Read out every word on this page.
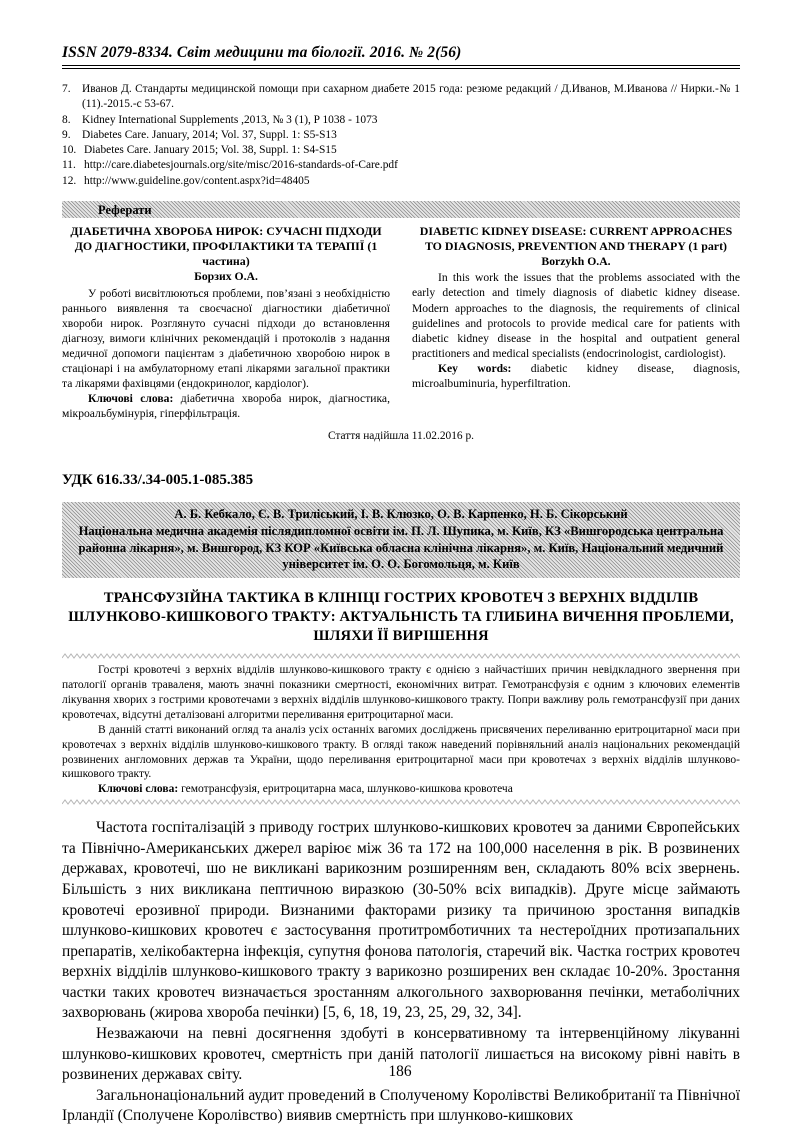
ISSN 2079-8334. Світ медицини та біології. 2016. № 2(56)
7.	Иванов Д. Стандарты медицинской помощи при сахарном диабете 2015 года: резюме редакций / Д.Иванов, М.Иванова // Нирки.-№ 1 (11).-2015.-с 53-67.
8.	Kidney International Supplements ,2013, № 3 (1), P 1038 - 1073
9.	Diabetes Care. January, 2014; Vol. 37, Suppl. 1: S5-S13
10. Diabetes Care. January 2015; Vol. 38, Suppl. 1: S4-S15
11. http://care.diabetesjournals.org/site/misc/2016-standards-of-Care.pdf
12. http://www.guideline.gov/content.aspx?id=48405
Реферати
ДІАБЕТИЧНА ХВОРОБА НИРОК: СУЧАСНІ ПІДХОДИ ДО ДІАГНОСТИКИ, ПРОФІЛАКТИКИ ТА ТЕРАПІЇ (1 частина)
Борзих О.А.

У роботі висвітлюються проблеми, пов’язані з необхідністю раннього виявлення та своєчасної діагностики діабетичної хвороби нирок. Розглянуто сучасні підходи до встановлення діагнозу, вимоги клінічних рекомендацій і протоколів з надання медичної допомоги пацієнтам з діабетичною хворобою нирок в стаціонарі і на амбулаторному етапі лікарями загальної практики та лікарями фахівцями (ендокринолог, кардіолог).

Ключові слова: діабетична хвороба нирок, діагностика, мікроальбумінурія, гіперфільтрація.

DIABETIC KIDNEY DISEASE: CURRENT APPROACHES TO DIAGNOSIS, PREVENTION AND THERAPY (1 part)
Borzykh O.A.

In this work the issues that the problems associated with the early detection and timely diagnosis of diabetic kidney disease. Modern approaches to the diagnosis, the requirements of clinical guidelines and protocols to provide medical care for patients with diabetic kidney disease in the hospital and outpatient general practitioners and medical specialists (endocrinologist, cardiologist).

Key words: diabetic kidney disease, diagnosis, microalbuminuria, hyperfiltration.

Стаття надійшла 11.02.2016 р.
УДК 616.33/.34-005.1-085.385
А. Б. Кебкало, Є. В. Триліський, І. В. Клюзко, О. В. Карпенко, Н. Б. Сікорський
Національна медична академія післядипломної освіти ім. П. Л. Шупика, м. Київ, КЗ «Вишгородська центральна районна лікарня», м. Вишгород, КЗ КОР «Київська обласна клінічна лікарня», м. Київ, Національний медичний університет ім. О. О. Богомольця, м. Київ
ТРАНСФУЗІЙНА ТАКТИКА В КЛІНІЦІ ГОСТРИХ КРОВОТЕЧ З ВЕРХНІХ ВІДДІЛІВ ШЛУНКОВО-КИШКОВОГО ТРАКТУ: АКТУАЛЬНІСТЬ ТА ГЛИБИНА ВИЧЕННЯ ПРОБЛЕМИ, ШЛЯХИ ЇЇ ВИРІШЕННЯ

Гострі кровотечі з верхніх відділів шлунково-кишкового тракту є однією з найчастіших причин невідкладного звернення при патології органів траваленя, мають значні показники смертності, економічних витрат. Гемотрансфузія є одним з ключових елементів лікування хворих з гострими кровотечами з верхніх відділів шлунково-кишкового тракту. Попри важливу роль гемотрансфузії при даних кровотечах, відсутні деталізовані алгоритми переливання еритроцитарної маси.

В данній статті виконаний огляд та аналіз усіх останніх вагомих досліджень присвячених переливанню еритроцитарної маси при кровотечах з верхніх відділів шлунково-кишкового тракту. В огляді також наведений порівняльний аналіз національних рекомендацій розвинених англомовних держав та України, щодо переливання еритроцитарної маси при кровотечах з верхніх відділів шлунково-кишкового тракту.

Ключові слова: гемотрансфузія, еритроцитарна маса, шлунково-кишкова кровотеча

Частота госпіталізацій з приводу гострих шлунково-кишкових кровотеч за даними Європейських та Північно-Американських джерел варіює між 36 та 172 на 100,000 населення в рік. В розвинених державах, кровотечі, шо не викликані варикозним розширенням вен, складають 80% всіх звернень. Більшість з них викликана пептичною виразкою (30-50% всіх випадків). Друге місце займають кровотечі ерозивної природи. Визнаними факторами ризику та причиною зростання випадків шлунково-кишкових кровотеч є застосування протитромботичних та нестероїдних протизапальних препаратів, хелікобактерна інфекція, супутня фонова патологія, старечий вік. Частка гострих кровотеч верхніх відділів шлунково-кишкового тракту з варикозно розширених вен складає 10-20%. Зростання частки таких кровотеч визначається зростанням алкогольного захворювання печінки, метаболічних захворювань (жирова хвороба печінки) [5, 6, 18, 19, 23, 25, 29, 32, 34].

Незважаючи на певні досягнення здобуті в консервативному та інтервенційному лікуванні шлунково-кишкових кровотеч, смертність при даній патології лишається на високому рівні навіть в розвинених державах світу.

Загальнонаціональний аудит проведений в Сполученому Королівстві Великобританії та Північної Ірландії (Сполучене Королівство) виявив смертність при шлунково-кишкових

186
